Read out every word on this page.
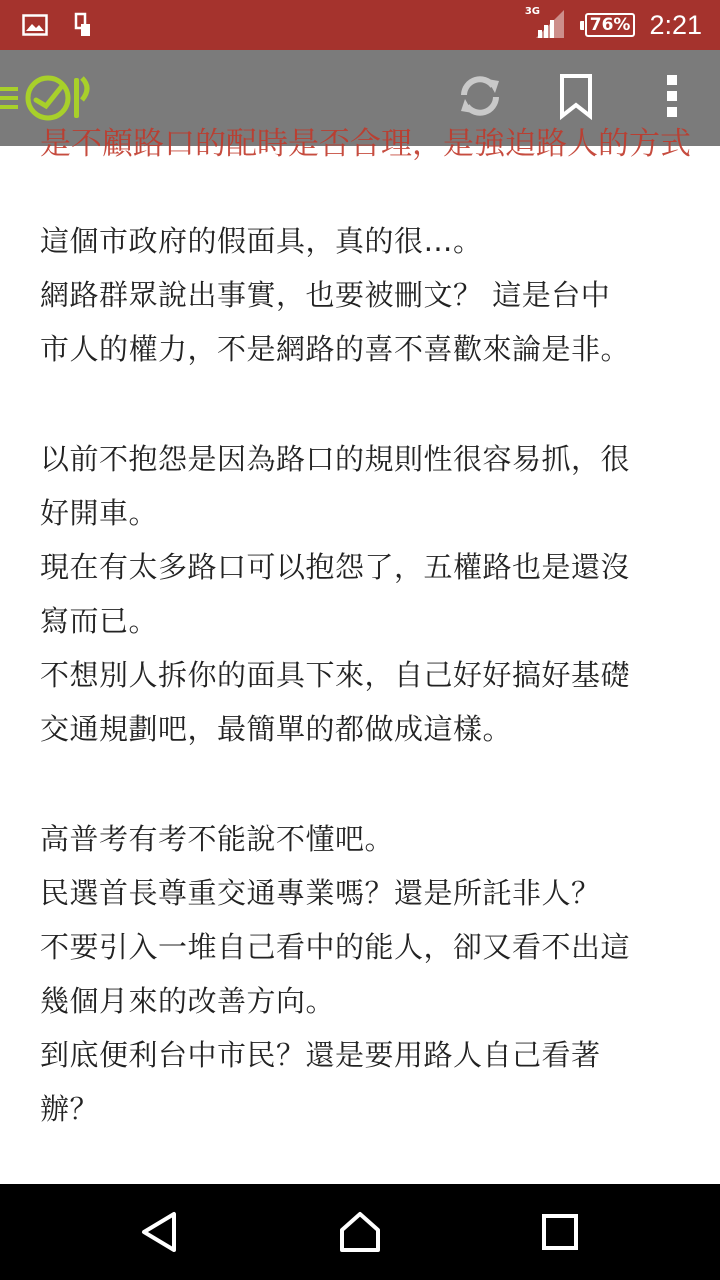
3G
76% 2:21
是不顧路口的配時是否合理，是強迫路人的方式

這個市政府的假面具，真的很…。
網路群眾說出事實，也要被刪文？ 這是台中
市人的權力，不是網路的喜不喜歡來論是非。

以前不抱怨是因為路口的規則性很容易抓，很
好開車。
現在有太多路口可以抱怨了，五權路也是還沒
寫而已。
不想別人拆你的面具下來，自己好好搞好基礎
交通規劃吧，最簡單的都做成這樣。

高普考有考不能說不懂吧。
民選首長尊重交通專業嗎？還是所託非人？
不要引入一堆自己看中的能人，卻又看不出這
幾個月來的改善方向。
到底便利台中市民？還是要用路人自己看著
辦？
